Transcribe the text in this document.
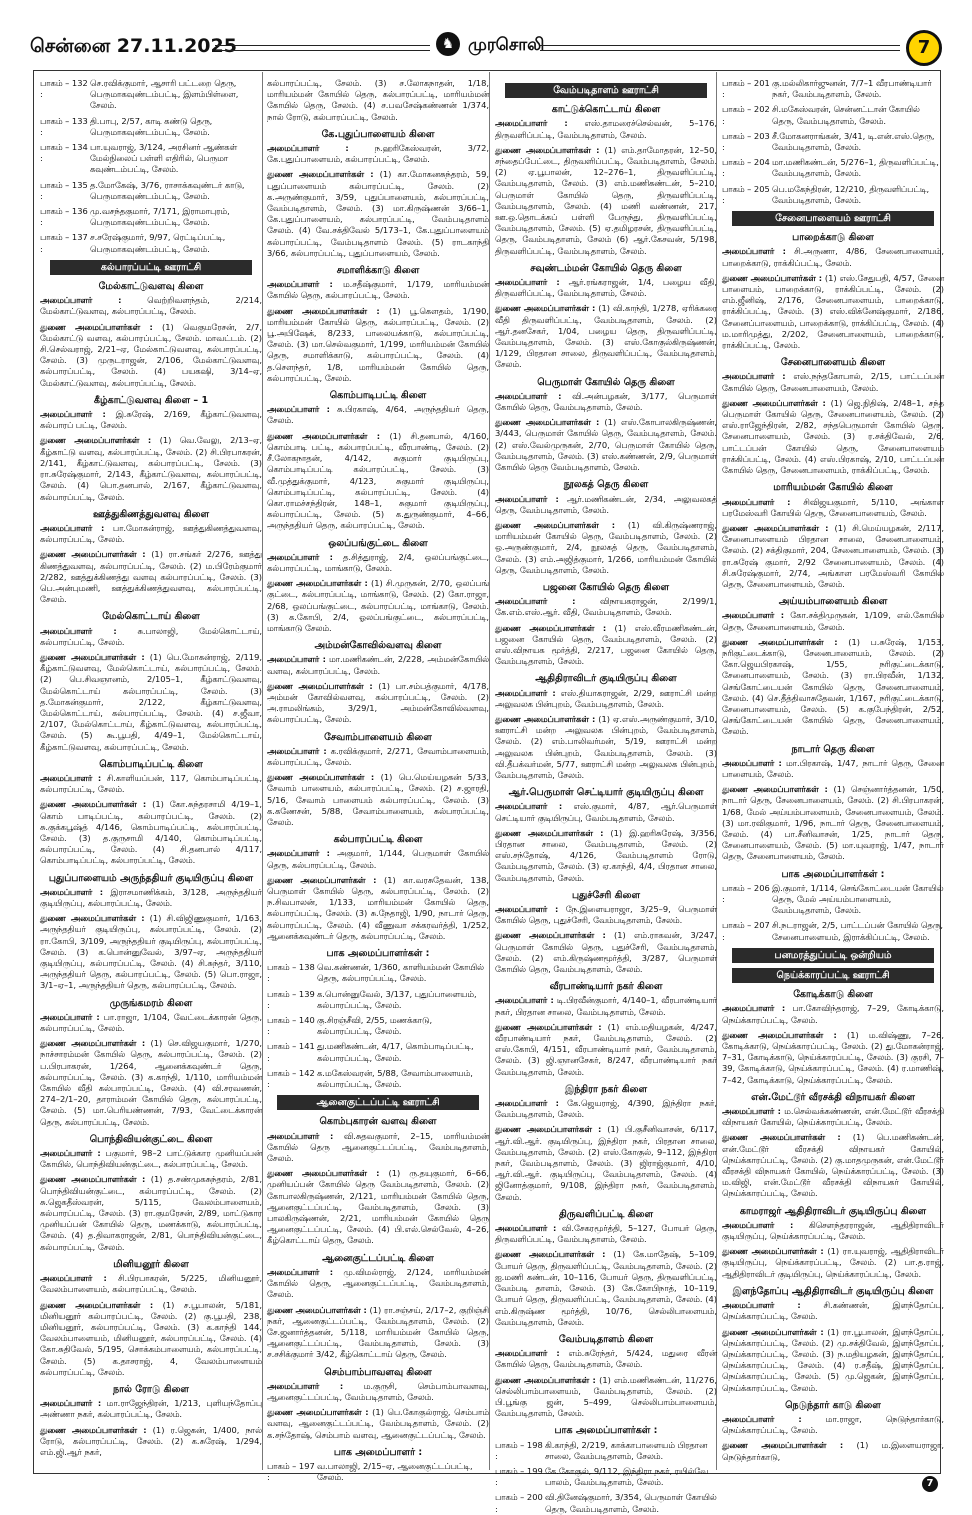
சென்னை 27.11.2025	♞ முரசொலி	7
பாகம் – 132 :
செ.ரவிக்குமார், ஆசாரி பட்டறை தெரு, பெருமாகவுண்டம்பட்டி, இளம்பிள்ளை, சேலம்.
பாகம் – 133 :
தி.பாபு, 2/57, காடி கண்டு தெரு, பெருமாகவுண்டம்பட்டி, சேலம்.
பாகம் – 134 :
பா.யுவராஜ், 3/124, அரசினர் ஆண்கள் மேல்நிலைப் பள்ளி எதிரில், பெருமா கவுண்டம்பட்டி, சேலம்.
பாகம் – 135 :
த.மோகேஷ், 3/76, ராசாக்கவுண்டர் காடு, பெருமாகவுண்டம்பட்டி, சேலம்.
பாகம் – 136 :
மு.வசந்தகுமார், 7/171, இராமாபுரம், பெருமாகவுண்டம்பட்டி, சேலம்.
பாகம் – 137 :
ச.சரேஷ்குமார், 9/97, ரெட்டிப்பட்டி, பெருமாகவுண்டம்பட்டி, சேலம்.
கல்பாரப்பட்டி ஊராட்சி
மேல்காட்டுவளவு கிளை

அமைப்பாளர் :	வெற்றிவளந்தம், 2/214, மேல்காட்டுவளவு, கல்பாரப்பட்டி, சேலம்.

துணை அமைப்பாளர்கள் : (1) வெகுமரேசன், 2/7, மேல்காட்டு வளவு, கல்பாரப்பட்டி, சேலம். மாவட்டம். (2) சி.செல்வராஜ், 2/21–ஏ, மேல்காட்டுவளவு, கல்பாரப்பட்டி, சேலம். (3) முருடராஜன், 2/106, மேல்காட்டுவளவு, கல்பாரப்பட்டி, சேலம். (4) பயகஷி, 3/14–ஏ, மேல்காட்டுவளவு, கல்பாரப்பட்டி, சேலம்.

கீழ்காட்டுவளவு கிளை – 1

அமைப்பாளர் : இ.சுரேஷ், 2/169, கீழ்காட்டுவளவு, கல்பாரப் பட்டி, சேலம்.

துணை அமைப்பாளர்கள் : (1) வெ.வேலு, 2/13–ஏ, கீழ்காட்டு வளவு, கல்பாரப்பட்டி, சேலம். (2) சி.பிரபாகரன், 2/141, கீழ்காட்டுவளவு, கல்பாரப்பட்டி, சேலம். (3) ரா.சுரேஷ்குமார், 2/143, கீழ்காட்டுவளவு, கல்பாரப்பட்டி, சேலம். (4) பொ.தனபால், 2/167, கீழ்காட்டுவளவு, கல்பாரப்பட்டி, சேலம்.

ஊத்துகிணத்துவளவு கிளை

அமைப்பாளர் : பா.மோகன்ராஜ், ஊத்துகிணத்துவளவு, கல்பாரப்பட்டி, சேலம்.

துணை அமைப்பாளர்கள் : (1) ரா.சங்கர் 2/276, ஊத்து கிணத்துவளவு, கல்பாரப்பட்டி, சேலம். (2) ம.பிரேம்குமார் 2/282, ஊத்துக்கிணத்து வளவு கல்பாரப்பட்டி, சேலம். (3) பெ.அன்புமணி, ஊத்துக்கிணத்துவளவு, கல்பாரப்பட்டி, சேலம்.

மேல்கொட்டாய் கிளை

அமைப்பாளர் :	சு.பாலாஜி, மேல்கொட்டாய், கல்பாரப்பட்டி, சேலம்.

துணை அமைப்பாளர்கள் : (1) பெ.மோகன்ராஜ், 2/119, கீழ்காட்டுவளவு, மேல்கொட்டாய், கல்பாரப்பட்டி, சேலம். (2) பெ.சிவஞானம், 2/105–1, கீழ்காட்டுவளவு, மேல்கொட்டாய் கல்பாரப்பட்டி, சேலம். (3) த.மோகன்குமார், 2/122, கீழ்காட்டுவளவு, மேல்கொட்டாய், கல்பாரப்பட்டி, சேலம். (4) ச.ஜீவா, 2/107, மேல்கொட்டாய், கீழ்காட்டுவளவு, கல்பாரப்பட்டி, சேலம். (5) கூ.பூபதி, 4/49–1, மேல்கொட்டாய், கீழ்காட்டுவளவு, கல்பாரப்பட்டி, சேலம்.

கொம்பாடிப்பட்டி கிளை

அமைப்பாளர் : சி.காளியப்பன், 117, கொம்பாடிப்பட்டி, கல்பாரப்பட்டி, சேலம்.

துணை அமைப்பாளர்கள் : (1) கோ.சுந்தரசாமி 4/19–1, கொம் பாடிப்பட்டி, கல்பாரப்பட்டி, சேலம். (2) சு.குக்கபூஷ்த் 4/146, கொம்பாடிப்பட்டி, கல்பாரப்பட்டி, சேலம். (3) த.குருசாமி 4/140, கொம்பாடிப்பட்டி, கல்பாரப்பட்டி, சேலம். (4) சி.தனபால் 4/117, கொம்பாடிப்பட்டி, கல்பாரப்பட்டி, சேலம்.

புதுப்பாளையம் அருந்ததியர் குடியிருப்பு கிளை

அமைப்பாளர் : இராசமாணிக்கம், 3/128, அருந்ததியர் குடியிருப்பு, கல்பாரப்பட்டி, சேலம்.

துணை அமைப்பாளர்கள் : (1) சி.விஜிணுகுமார், 1/163, அருந்ததியர் குடியிருப்பு, கல்பாரப்பட்டி, சேலம். (2) ரா.கோபி, 3/109, அருந்ததியர் குடியிருப்பு, கல்பாரப்பட்டி, சேலம். (3) க.பொன்னுவேல், 3/97–ஏ, அருந்ததியர் குடியிருப்பு, கல்பாரப்பட்டி, சேலம். (4) சி.சுந்தர், 3/110, அருந்ததியர் தெரு, கல்பாரப்பட்டி, சேலம். (5) பொ.ராஜா, 3/1–ஏ–1, அருந்ததியர் தெரு, கல்பாரப்பட்டி, சேலம்.

முருங்கமரம் கிளை

அமைப்பாளர் : பா.ராஜா, 1/104, வேட்டைக்காரன் தெரு, கல்பாரப்பட்டி, சேலம்.

துணை அமைப்பாளர்கள் : (1) செ.விஜயகுமார், 1/270, நாச்சாரம்மன் கோயில் தெரு, கல்பாரப்பட்டி, சேலம். (2) ப.பிரபாகரன், 1/264, ஆனைக்கவுண்டர் தெரு, கல்பாரப்பட்டி, சேலம். (3) க.காந்தி, 1/110, மாரியம்மன் கோயில் வீதி கல்பாரப்பட்டி, சேலம். (4) வி.சரவணன், 274–2/1–20, தாராம்மன் கோயில் தெரு, கல்பாரப்பட்டி, சேலம். (5) மா.பெரியண்ணன், 7/93, வேட்டைக்காரன் தெரு, கல்பாரப்பட்டி, சேலம்.

பொந்திவியன்குட்டை கிளை

அமைப்பாளர் : பகுமார், 98–2 பாட்டுக்கார முனியப்பன் கோயில், பொந்திவியன்குட்டை, கல்பாரப்பட்டி, சேலம்.

துணை அமைப்பாளர்கள் : (1) த.சண்முகசுந்தரம், 2/81, பொந்திவியன்குட்டை, கல்பாரப்பட்டி, சேலம். (2) சு.ஜெகதீஸ்வரன், 5/115, வேலம்பாளையம், கல்பாரப்பட்டி, சேலம். (3) ரா.குமரேசன், 2/89, மாட்டுகார முனியப்பன் கோயில் தெரு, மணக்காடு, கல்பாரப்பட்டி, சேலம். (4) த.திவாகராஜன், 2/81, பொந்திவியன்குட்டை, கல்பாரப்பட்டி, சேலம்.

மினியனூர் கிளை

அமைப்பாளர் : சி.பிரபாகரன், 5/225, மினியனூர், வேலம்பாளையம், கல்பாரப்பட்டி, சேலம்.

துணை அமைப்பாளர்கள் : (1) ச.பூபாலன், 5/181, மினியனூர் கல்பாரப்பட்டி, சேலம். (2) கு.பூபதி, 238, மினியனூர், கல்பாரப்பட்டி, சேலம். (3) க.காந்தி 144, வேலம்பாளையம், மினியனூர், கல்பாரப்பட்டி, சேலம். (4) கோ.சுதிவேல், 5/195, சொக்கம்பாளையம், கல்பாரப்பட்டி, சேலம். (5) க.தாசராஜ், 4, வேலம்பாளையம் கல்பாரப்பட்டி, சேலம்.

நால் ரோடு கிளை

அமைப்பாளர் : மா.ராஜேந்திரன், 1/213, புளியந்தோப்பு அண்ணா நகர், கல்பாரப்பட்டி, சேலம்.

துணை அமைப்பாளர்கள் : (1) ர.ஜெகன், 1/400, நால் ரோடு, கல்பாரப்பட்டி, சேலம். (2) க.சுரேஷ், 1/294, எம்.ஜி.ஆர் நகர்,

கல்பாரப்பட்டி, சேலம். (3) ச.லோகநாதன், 1/18, மாரியம்மன் கோயில் தெரு, கல்பாரப்பட்டி, மாரியம்மன் கோயில் தெரு, சேலம். (4) ச.பவசேஷ்கண்ணன் 1/374, நால் ரோடு, கல்பாரப்பட்டி, சேலம்.

கே.புதுப்பாளையம் கிளை

அமைப்பாளர் :	ந.ஹரிகேஸ்வரன், 3/72, கே.புதுப்பாளையம், கல்பாரப்பட்டி, சேலம்.

துணை அமைப்பாளர்கள் : (1) கா.மோகனசுந்தரம், 59, புதுப்பாளையம் கல்பாரப்பட்டி, சேலம். (2) க.அருண்குமார், 3/59, புதுப்பாளையம், கல்பாரப்பட்டி, வேம்படிதாளம், சேலம். (3) மா.கிருஷ்ணன் 3/66–1, கே.புதுப்பாளையம், கல்பாரப்பட்டி, வேம்படிதாளம் சேலம். (4) வே.சக்திவேல் 5/173–1, கே.புதுப்பாளையம் கல்பாரப்பட்டி, வேம்படிதாளம் சேலம். (5) ராடகாந்தி 3/66, கல்பாரப்பட்டி, புதுப்பாளையம், சேலம்.

சமாளிக்காடு கிளை

அமைப்பாளர் : ம.சதீஷ்குமார், 1/179, மாரியம்மன் கோயில் தெரு, கல்பாரப்பட்டி, சேலம்.

துணை அமைப்பாளர்கள் : (1) பூ.கௌதம், 1/190, மாரியம்மன் கோயில் தெரு, கல்பாரப்பட்டி, சேலம். (2) பூ.அபிஷேக், 8/233, பாலையக்காடு, கல்பாரப்பட்டி, சேலம். (3) மா.செல்வகுமார், 1/199, மாரியம்மன் கோயில் தெரு, சமாளிக்காடு, கல்பாரப்பட்டி, சேலம். (4) த.செளந்தர், 1/8, மாரியம்மன் கோயில் தெரு, கல்பாரப்பட்டி, சேலம்.

கொம்பாடிபட்டி கிளை

அமைப்பாளர் : சு.பிரகாஷ், 4/64, அருந்ததியர் தெரு, சேலம்.

துணை அமைப்பாளர்கள் : (1) சி.தனபால், 4/160, கொம்பாடி பட்டி, கல்பாரப்பட்டி, வீரபாண்டி, சேலம். (2) சீ.லோகநாதன், 4/142, சுகுமார் குடியிருப்பு, கொம்பாடிப்பட்டி கல்பாரப்பட்டி, சேலம். (3) வீ.முத்துக்குமார், 4/123, சுகுமார் குடியிருப்பு, கொம்பாடிப்பட்டி, கல்பாரப்பட்டி, சேலம். (4) கொ.ராமச்சந்திரன், 148–1, சுகுமார் குடியிருப்பு, கல்பாரப்பட்டி, சேலம். (5) க.துருண்குமார், 4–66, அருந்ததியர் தெரு, கல்பாரப்பட்டி, சேலம்.

ஒலப்பங்குட்டை கிளை

அமைப்பாளர் : த.சித்துராஜ், 2/4, ஒலப்பங்குட்டை, கல்பாரப்பட்டி, மாங்காடு, சேலம்.

துணை அமைப்பாளர்கள் : (1) சி.முருகன், 2/70, ஒலப்பங் குட்டை, கல்பாரப்பட்டி, மாங்காடு, சேலம். (2) கோ.ராஜா, 2/68, ஒலப்பங்குட்டை, கல்பாரப்பட்டி, மாங்காடு, சேலம். (3) க.கோபி, 2/4, ஓலப்பங்குட்டை, கல்பாரப்பட்டி, மாங்காடு சேலம்.

அம்மன்கோவில்வளவு கிளை

அமைப்பாளர் : மா.மணிகண்டன், 2/228, அம்மன்கோயில் வளவு, கல்பாரப்பட்டி, சேலம்.

துணை அமைப்பாளர்கள் : (1) பா.சம்பத்குமார், 4/178, அம்மன் கோவில்வளவு, கல்பாரப்பட்டி, சேலம். (2) அ.ராமலிங்கம், 3/29/1, அம்மன்கோவில்வளவு, கல்பாரப்பட்டி, சேலம்.

சேவாம்பாளையம் கிளை

அமைப்பாளர் : க.ரவிக்குமார், 2/271, சேவாம்பாளையம், கல்பாரப்பட்டி, சேலம்.

துணை அமைப்பாளர்கள் : (1) பெ.மெய்யழகன் 5/33, சேவாம் பாளையம், கல்பாரப்பட்டி, சேலம். (2) ச.ஜாரதி, 5/16, சேவாம் பாளையம் கல்பாரப்பட்டி, சேலம். (3) க.கணேசன், 5/88, சேவாம்பாளையம், கல்பாரப்பட்டி, சேலம்.

கல்பாரப்பட்டி கிளை

அமைப்பாளர் : அகுமார், 1/144, பெருமாள் கோயில் தெரு, கல்பாரப்பட்டி, சேலம்.

துணை அமைப்பாளர்கள் : (1) கா.வரசுதேவன், 138, பெருமாள் கோயில் தெரு, கல்பாரப்பட்டி, சேலம். (2) ந.சிவபாலன், 1/133, மாரியம்மன் கோயில் தெரு, கல்பாரப்பட்டி, சேலம். (3) சு.நேதாஜி, 1/90, நாடார் தெரு, கல்பாரப்பட்டி, சேலம். (4) வீணுவா சக்கரவர்த்தி, 1/252, ஆனைக்கவுண்டர் தெரு, கல்பாரப்பட்டி, சேலம்.

பாக அமைப்பாளர்கள் :
பாகம் – 138 :
வெ.கண்ணன், 1/360, காளியம்மன் கோயில் தெரு, கல்பாரப்பட்டி, சேலம்.
பாகம் – 139 :
க.பொன்னுவேல், 3/137, புதுப்பாளையம், கல்பாரப்பட்டி, சேலம்.
பாகம் – 140 :
கு.சிரஞ்சீவி, 2/55, மணக்காடு, கல்பாரப்பட்டி, சேலம்.
பாகம் – 141 :
து.மணிகண்டன், 4/17, கொம்பாடிப்பட்டி, கல்பாரப்பட்டி, சேலம்.
பாகம் – 142 :
க.மகேஸ்வரன், 5/88, சேவாம்பாளையம், கல்பாரப்பட்டி, சேலம்.
ஆனைகுட்டப்பட்டி ஊராட்சி
கொம்புகாரன் வளவு கிளை

அமைப்பாளர் : வி.சுதவகுமார், 2–15, மாரியம்மன் கோயில் தெரு ஆனைகுட்டப்பட்டி, வேம்படிதாளம், சேலம்.

துணை அமைப்பாளர்கள் : (1) ரு.தயுகுமார், 6–66, முனியப்பன் கோயில் தெரு வேம்படிதாளம், சேலம். (2) கோபாலகிருஷ்ணன், 2/121, மாரியம்மன் கோயில் தெரு, ஆனைகுட்டப்பட்டி, வேம்படிதாளம், சேலம். (3) பாலகிருஷ்ணன், 2/21, மாரியம்மன் கோயில் தெரு ஆனைகுட்டப்பட்டி, சேலம். (4) பி.எல்.செல்வேல், 4–26, கீழ்கொட்டாய் தெரு, சேலம்.

ஆனைகுட்டப்பட்டி கிளை

அமைப்பாளர் : மு.விமல்ராஜ், 2/124, மாரியம்மன் கோயில் தெரு, ஆனைகுட்டப்பட்டி, வேம்படிதாளம், சேலம்.

துணை அமைப்பாளர்கள் : (1) ரா.சஞ்சய், 2/17–2, குறிஞ்சி நகர், ஆனைகுட்டப்பட்டி, வேம்படிதாளம், சேலம். (2) சே.ஜனார்த்தனன், 5/118, மாரியம்மன் கோயில் தெரு, ஆனைகுட்டப்பட்டி, வேம்படிதாளம், சேலம். (3) ச.சசிக்குமார் 3/42, கீழ்கொட்டாய் தெரு, சேலம்.

செம்பாம்பாவளவு கிளை

அமைப்பாளர் : ம.குருசி, செம்பாம்பாவளவு, ஆனைகுட்டப்பட்டி, வேம்படிதாளம், சேலம்.

துணை அமைப்பாளர்கள் : (1) பெ.கோகுல்ராஜ், செம்பாம் வளவு, ஆனைகுட்டப்பட்டி, வேம்படிதாளம், சேலம். (2) க.சந்தோஷ், செம்பாம் வளவு, ஆனைகுட்டப்பட்டி, சேலம்.

பாக அமைப்பாளர் :
பாகம் – 197 :
வ.பாலாஜி, 2/15–ஏ, ஆனைகுட்டப்பட்டி, சேலம்.
வேம்படிதாளம் ஊராட்சி
காட்டுக்கொட்டாய் கிளை

அமைப்பாளர் : எஸ்.தாமரைச்செல்வன், 5–176, திருவளிப்பட்டி, வேம்படிதாளம், சேலம்.

துணை அமைப்பாளர்கள் : (1) எம்.தாமோதரன், 12–50, சந்தைப்பேட்டை, திருவளிப்பட்டி, வேம்படிதாளம், சேலம். (2) ஏ.பூபாலன், 12–276–1, திருவளிப்பட்டி, வேம்படிதாளம், சேலம். (3) எம்.மணிகண்டன், 5–210, பெருமாள் கோயில் தெரு, திருவளிப்பட்டி, வேம்படிதாளம், சேலம். (4) மணி வண்ணன், 217, ஊ.ஒ.தொடக்கப் பள்ளி பேருந்து, திருவளிப்பட்டி, வேம்படிதாளம், சேலம். (5) ஏ.தமிழரசன், திருவளிப்பட்டி, தெரு, வேம்படிதாளம், சேலம் (6) ஆர்.கேசவன், 5/198, திருவளிப்பட்டி, வேம்படிதாளம், சேலம்.

சவுண்டம்மன் கோயில் தெரு கிளை

அமைப்பாளர் : ஆர்.ரங்கராஜன், 1/4, பழைய வீதி, திருவளிப்பட்டி, வேம்படிதாளம், சேலம்.

துணை அமைப்பாளர்கள் : (1) வி.காந்தி, 1/278, ஏரிக்கரை வீதி திருவளிப்பட்டி, வேம்படிதாளம், சேலம். (2) ஆர்.தனசேகர், 1/04, பழைய தெரு, திருவளிப்பட்டி, வேம்படிதாளம், சேலம். (3) எஸ்.கோகுல்கிருஷ்ணன், 1/129, பிரதான சாலை, திருவளிப்பட்டி, வேம்படிதாளம், சேலம்.

பெருமாள் கோயில் தெரு கிளை

அமைப்பாளர் : வி.அன்பழகன், 3/177, பெருமாள் கோயில் தெரு, வேம்படிதாளம், சேலம்.

துணை அமைப்பாளர்கள் : (1) எஸ்.கோபாலகிருஷ்ணன், 3/443, பெருமாள் கோயில் தெரு, வேம்படிதாளம், சேலம். (2) எஸ்.வேல்முருகன், 2/70, பெருமாள் கோயில் தெரு, வேம்படிதாளம், சேலம். (3) எஸ்.கண்ணன், 2/9, பெருமாள் கோயில் தெரு வேம்படிதாளம், சேலம்.

நூலகத் தெரு கிளை

அமைப்பாளர் : ஆர்.மணிகண்டன், 2/34, அலுவலகத் தெரு, வேம்படிதாளம், சேலம்.

துணை அமைப்பாளர்கள் : (1) வி.கிருஷ்ணராஜ், மாரியம்மன் கோயில் தெரு, வேம்படிதாளம், சேலம். (2) ஒ.அருண்குமார், 2/4, நூலகத் தெரு, வேம்படிதாளம், சேலம். (3) எம்.அஜித்குமார், 1/266, மாரியம்மன் கோயில் தெரு, வேம்படிதாளம், சேலம்.

பஜனை கோயில் தெரு கிளை

அமைப்பாளர் :	விநாயகராஜன், 2/199/1, கே.எம்.எஸ்.ஆர். வீதி, வேம்படிதாளம், சேலம்.

துணை அமைப்பாளர்கள் : (1) எஸ்.வீரமணிகண்டன், பஜனை கோயில் தெரு, வேம்படிதாளம், சேலம். (2) எஸ்.விநாயக மூர்த்தி, 2/217, பஜனை கோயில் தெரு, வேம்படிதாளம், சேலம்.

ஆதிதிராவிடர் குடியிருப்பு கிளை

அமைப்பாளர் : எஸ்.தியாகராஜன், 2/29, ஊராட்சி மன்ற அலுவலக பின்புறம், வேம்படிதாளம், சேலம்.

துணை அமைப்பாளர்கள் : (1) ஏ.எஸ்.அருண்குமார், 3/10, ஊராட்சி மன்ற அலுவலக பின்புறம், வேம்படிதாளம், சேலம். (2) எம்.பாலிவர்மன், 5/19, ஊராட்சி மன்ற அலுவலக பின்புறம், வேம்படிதாளம், சேலம். (3) வி.தீபக்வர்மன், 5/77, ஊராட்சி மன்ற அலுவலக பின்புறம், வேம்படிதாளம், சேலம்.

ஆர்.பெருமாள் செட்டியார் குடியிருப்பு கிளை

அமைப்பாளர் : எஸ்.குமார், 4/87, ஆர்.பெருமாள் செட்டியார் குடியிருப்பு, வேம்படிதாளம், சேலம்.

துணை அமைப்பாளர்கள் : (1) இ.ஹரிசுரேஷ், 3/356, பிரதான சாலை, வேம்படிதாளம், சேலம். (2) எஸ்.சந்தோஷ், 4/126, வேம்படிதாளம் ரோடு, வேம்படிதாளம், சேலம். (3) ஏ.காந்தி, 4/4, பிரதான சாலை, வேம்படிதாளம், சேலம்.

புதுச்சேரி கிளை

அமைப்பாளர் : நே.இளையராஜா, 3/25–9, பெருமாள் கோயில் தெரு, புதுச்சேரி, வேம்படிதாளம், சேலம்.

துணை அமைப்பாளர்கள் : (1) எம்.ராகவன், 3/247, பெருமாள் கோயில் தெரு, புதுச்சேரி, வேம்படிதாளம், சேலம். (2) எம்.கிருஷ்ணமூர்த்தி, 3/287, பெருமாள் கோயில் தெரு, வேம்படிதாளம், சேலம்.

வீரபாண்டியார் நகர் கிளை

அமைப்பாளர் : டி.பிரவீன்குமார், 4/140–1, வீரபாண்டியார் நகர், பிரதான சாலை, வேம்படிதாளம், சேலம்.

துணை அமைப்பாளர்கள் : (1) எம்.மதியழகன், 4/247, வீரபாண்டியார் நகர், வேம்படிதாளம், சேலம். (2) எஸ்.கோபி, 4/151, வீரபாண்டியார் நகர், வேம்படிதாளம், சேலம். (3) ஜி.ஞானசேகர், 8/247, வீரபாண்டியார் நகர் வேம்படிதாளம், சேலம்.

இந்திரா நகர் கிளை

அமைப்பாளர் : கே.ஜெயராஜ், 4/390, இந்திரா நகர், வேம்படிதாளம், சேலம்.

துணை அமைப்பாளர்கள் : (1) பி.குசீனிவாசன், 6/117, ஆர்.வி.ஆர். குடியிருப்பு, இந்திரா நகர், பிரதான சாலை, வேம்படிதாளம், சேலம். (2) எஸ்.கோகுல், 9–112, இந்திரா நகர், வேம்படிதாளம், சேலம். (3) ஜிராஜ்குமார், 4/10, ஆர்.வி.ஆர். குடியிருப்பு, வேம்படிதாளம், சேலம். (4) ஜினோத்குமார், 9/108, இந்திரா நகர், வேம்படிதாளம், சேலம்.

திருவளிப்பட்டி கிளை

அமைப்பாளர் : வி.சேகரமூர்த்தி, 5–127, போயர் தெரு, திருவளிப்பட்டி, வேம்படிதாளம், சேலம்.

துணை அமைப்பாளர்கள் : (1) கே.மாதேஷ், 5–109, போயர் தெரு, திருவளிப்பட்டி, வேம்படிதாளம், சேலம். (2) ஐ.மணி கண்டன், 10–116, போயர் தெரு, திருவளிப்பட்டி, வேம்படி தாளம், சேலம். (3) கே.கோபிநாத், 10–119, போயர் தெரு, திருவளிப்பட்டி, வேம்படிதாளம், சேலம். (4) எம்.கிருஷ்ண மூர்த்தி, 10/76, செல்லிபாளையம், வேம்படிதாளம், சேலம்.

வேம்படிதாளம் கிளை

அமைப்பாளர் : எம்.சுரேந்தர், 5/424, மதுரை வீரன் கோயில் தெரு, வேம்படிதாளம், சேலம்.

துணை அமைப்பாளர்கள் : (1) எம்.மணிகண்டன், 11/276, செல்லிபாம்பாளையம், வேம்படிதாளம், சேலம். (2) பி.பூங்கு ஜன், 5–499, செல்லிபாம்பாளையம், வேம்படிதாளம், சேலம்.

பாக அமைப்பாளர்கள் :
பாகம் – 198 :
கி.காந்தி, 2/219, காக்காபாளையம் பிரதான சாலை, வேம்படிதாளம், சேலம்.
பாகம் – 199 :
கே.கோகுல், 9/112, இந்திரா நகர், ரயில்வே பாலம், வேம்படிதாளம், சேலம்.
பாகம் – 200 :
வி.தினேஷ்குமார், 3/354, பெருமாள் கோயில் தெரு, வேம்படிதாளம், சேலம்.
பாகம் – 201 :
கு.மல்லிகார்ஜுனன், 7/7–1 வீரபாண்டியார் நகர், வேம்படிதாளம், சேலம்.
பாகம் – 202 :
சி.மகேஸ்வரன், சென்னட்டான் கோயில் தெரு, வேம்படிதாளம், சேலம்.
பாகம் – 203 :
சீ.மோகனராங்கன், 3/41, டி.என்.எஸ்.தெரு, வேம்படிதாளம், சேலம்.
பாகம் – 204 :
மா.மணிகண்டன், 5/276–1, திருவளிப்பட்டி, வேம்படிதாளம், சேலம்.
பாகம் – 205 :
பெ.மகேந்திரன், 12/210, திருவளிப்பட்டி, வேம்படிதாளம், சேலம்.
சேனைபாளையம் ஊராட்சி
பாறைக்காடு கிளை

அமைப்பாளர் : சி.அருணா, 4/86, சேனைபாளையம், பாறைக்காடு, ராக்கிப்பட்டி, சேலம்.

துணை அமைப்பாளர்கள் : (1) எஸ்.சேதுபதி, 4/57, சேனை பாளையம், பாறைக்காடு, ராக்கிப்பட்டி, சேலம். (2) எம்.ஜீனிஷ், 2/176, சேனைபாளையம், பாறைக்காடு, ராக்கிப்பட்டி, சேலம். (3) எஸ்.விக்னேஷ்குமார், 2/186, சேனைப்பாளையம், பாறைக்காடு, ராக்கிப்பட்டி, சேலம். (4) ம.மாரிமுத்து, 2/202, சேனைபாளையம், பாறைக்காடு, ராக்கிப்பட்டி, சேலம்.

சேனைபாளையம் கிளை

அமைப்பாளர் : எஸ்.நந்தகோபால், 2/15, பாட்டப்பன் கோயில் தெரு, சேனைபாளையம், சேலம்.

துணை அமைப்பாளர்கள் : (1) ஜெ.நிதிஷ், 2/48–1, சந்த பெருமாள் கோயில் தெரு, சேனைபாளையம், சேலம். (2) எஸ்.ராஜேந்திரன், 2/82, சந்தபெருமாள் கோயில் தெரு, சேனைபாளையம், சேலம். (3) ர.சக்திவேல், 2/6, பாட்டப்பன் கோயில் தெரு, சேனைபாளையம் ராக்கிப்பட்டி, சேலம். (4) எஸ்.பிரகாஷ், 2/10, பாட்டப்பன் கோயில் தெரு, சேனைபாளையம், ராக்கிப்பட்டி, சேலம்.

மாரியம்மன் கோயில் கிளை

அமைப்பாளர் : சிவிஜயகுமார், 5/110, அங்காள பரமேஸ்வரி கோயில் தெரு, சேனைபாளையம், சேலம்.

துணை அமைப்பாளர்கள் : (1) சி.மெய்யழகன், 2/117, சேனைபாளையம் பிரதான சாலை, சேனைபாளையம், சேலம். (2) சக்திகுமார், 204, சேனைபாளையம், சேலம். (3) ரா.சுரேஷ் குமார், 2/92 சேனைபாளையம், சேலம். (4) சி.சுரேஷ்குமார், 2/74, அங்காள பரமேஸ்வரி கோயில் தெரு, சேனைபாளையம், சேலம்.

அய்யம்பாளையம் கிளை

அமைப்பாளர் : கோ.சக்திமுருகன், 1/109, எல்.கோயில் தெரு, சேனைபாளையம், சேலம்.

துணை அமைப்பாளர்கள் : (1) ப.சுரேஷ், 1/153, நரிகுட்டைக்காடு, சேனைபாளையம், சேலம். (2) கோ.ஜெயபிரகாஷ், 1/55, நரிகுட்டைக்காடு, சேனைபாளையம், சேலம். (3) ரா.பிரவீன், 1/132, செங்கோட்டையன் கோயில் தெரு, சேனைபாளையம், சேலம். (4) செ.தீத்திவாசுதேவன், 1/167, நரிகுட்டைக்காடு, சேனைபாளையம், சேலம். (5) க.குபேந்திரன், 2/52, செங்கோட்டையன் கோயில் தெரு, சேனைபாளையம், சேலம்.

நாடார் தெரு கிளை

அமைப்பாளர் : மா.பிரகாஷ், 1/47, நாடார் தெரு, சேனை பாளையம், சேலம்.

துணை அமைப்பாளர்கள் : (1) செஞ்னார்த்தனன், 1/50, நாடார் தெரு, சேனைபாளையம், சேலம். (2) சி.பிரபாகரன், 1/68, மேல் அய்யம்பாளையம், சேனைபாளையம், சேலம். (3) மா.ரவிகுமார், 1/96, நாடார் தெரு, சேனைபாளையம், சேலம். (4) பா.சீனிவாசன், 1/25, நாடார் தெரு, சேனைபாளையம், சேலம். (5) மா.யுவராஜ், 1/47, நாடார் தெரு, சேனைபாளையம், சேலம்.

பாக அமைப்பாளர்கள் :
பாகம் – 206 :
இ.குமார், 1/114, செங்கோட்டையன் கோயில் தெரு, மேல் அய்யம்பாளையம், வேம்படிதாளம், சேலம்.
பாகம் – 207 :
சி.நடராஜன், 2/5, பாட்டப்பன் கோயில் தெரு, சேனைபாளையம், இராக்கிப்பட்டி, சேலம்.
பனமரத்துப்பட்டி ஒன்றியம்
நெய்க்காரப்பட்டி ஊராட்சி
கோடிக்காடு கிளை

அமைப்பாளர் : பா.கோவிந்தராஜ், 7–29, கோடிக்காடு, நெய்க்காரப்பட்டி, சேலம்.

துணை அமைப்பாளர்கள் : (1) ம.விஷ்ணு, 7–26, கோடிக்காடு, நெய்க்காரப்பட்டி, சேலம். (2) து.மோகன்ராஜ், 7–31, கோடிக்காடு, நெய்க்காரப்பட்டி, சேலம். (3) குரசி, 7–39, கோடிக்காடு, நெய்க்காரப்பட்டி, சேலம். (4) ர.மாணிஷ், 7–42, கோடிக்காடு, நெய்க்காரப்பட்டி, சேலம்.

என்.மேட்டூர் வீரசக்தி விநாயகர் கிளை

அமைப்பாளர் : ம.செல்வக்கண்ணன், என்.மேட்டூர் வீரசக்தி விநாயகர் கோயில், நெய்க்காரப்பட்டி, சேலம்.

துணை அமைப்பாளர்கள் : (1) பெ.மணிகண்டன், என்.மேட்டூர் வீரசக்தி விநாயகர் கோயில், நெய்க்காரப்பட்டி, சேலம். (2) கு.மாதமுருகன், என்.மேட்டூர் வீரசக்தி விநாயகர் கோயில், நெய்க்காரப்பட்டி, சேலம். (3) ம.விஜி, என்.மேட்டூர் வீரசக்தி விநாயகர் கோயில், நெய்க்காரப்பட்டி, சேலம்.

காமராஜர் ஆதிதிராவிடர் குடியிருப்பு கிளை

அமைப்பாளர் : கிசௌந்தரராஜன், ஆதிதிராவிடர் குடியிருப்பு, நெய்க்காரப்பட்டி, சேலம்.

துணை அமைப்பாளர்கள் : (1) ரா.யுவராஜ், ஆதிதிராவிடர் குடியிருப்பு, நெய்க்காரப்பட்டி, சேலம். (2) பா.த.ராஜ், ஆதிதிராவிடர் குடியிருப்பு, நெய்க்காரப்பட்டி, சேலம்.

இளந்தோப்பு ஆதிதிராவிடர் குடியிருப்பு கிளை

அமைப்பாளர் :	சி.கண்ணன், இளந்தோப்பு, நெய்க்காரப்பட்டி, சேலம்.

துணை அமைப்பாளர்கள் : (1) ரா.பூபாலன், இளந்தோப்பு, நெய்க்காரப்பட்டி, சேலம். (2) மு.சக்திவேல், இளந்தோப்பு, நெய்க்காரப்பட்டி, சேலம். (3) ந.மதியழகன், இளந்தோப்பு, நெய்க்காரப்பட்டி, சேலம். (4) ர.சதீஷ், இளந்தோப்பு, நெய்க்காரப்பட்டி, சேலம். (5) மு.ஜெகன், இளந்தோப்பு, நெய்க்காரப்பட்டி, சேலம்.

நெடுந்தார் காடு கிளை

அமைப்பாளர் :	மா.ராஜா, நெடுந்தார்காடு, நெய்க்காரப்பட்டி, சேலம்.

துணை அமைப்பாளர்கள் : (1) ம.இளையராஜா, நெடுந்தார்காடு,

7
